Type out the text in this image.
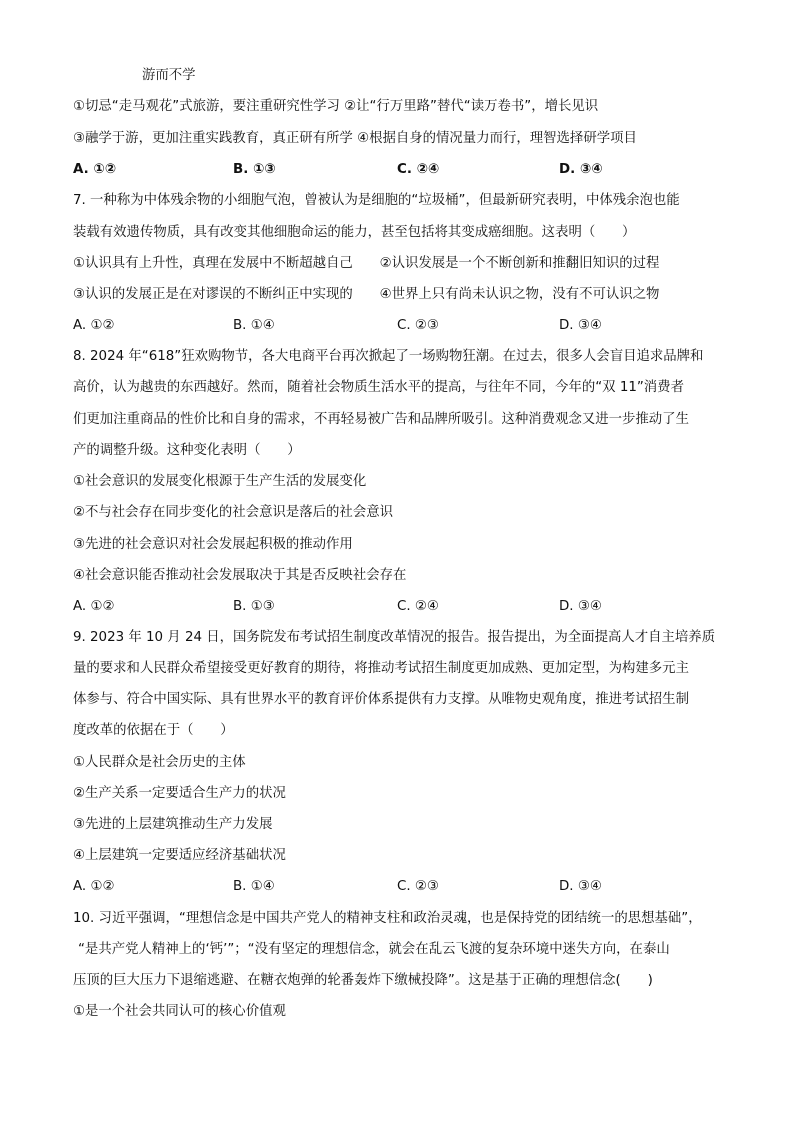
游而不学
①切忌“走马观花”式旅游，要注重研究性学习 ②让“行万里路”替代“读万卷书”，增长见识
③融学于游，更加注重实践教育，真正研有所学 ④根据自身的情况量力而行，理智选择研学项目
A. ①②	B. ①③	C. ②④	D. ③④
7. 一种称为中体残余物的小细胞气泡，曾被认为是细胞的“垃圾桶”，但最新研究表明，中体残余泡也能
装载有效遗传物质，具有改变其他细胞命运的能力，甚至包括将其变成癌细胞。这表明（　　）
①认识具有上升性，真理在发展中不断超越自己　　②认识发展是一个不断创新和推翻旧知识的过程
③认识的发展正是在对谬误的不断纠正中实现的　　④世界上只有尚未认识之物，没有不可认识之物
A. ①②	B. ①④	C. ②③	D. ③④
8. 2024 年“618”狂欢购物节，各大电商平台再次掀起了一场购物狂潮。在过去，很多人会盲目追求品牌和
高价，认为越贵的东西越好。然而，随着社会物质生活水平的提高，与往年不同，今年的“双 11”消费者
们更加注重商品的性价比和自身的需求，不再轻易被广告和品牌所吸引。这种消费观念又进一步推动了生
产的调整升级。这种变化表明（　　）
①社会意识的发展变化根源于生产生活的发展变化
②不与社会存在同步变化的社会意识是落后的社会意识
③先进的社会意识对社会发展起积极的推动作用
④社会意识能否推动社会发展取决于其是否反映社会存在
A. ①②	B. ①③	C. ②④	D. ③④
9. 2023 年 10 月 24 日，国务院发布考试招生制度改革情况的报告。报告提出，为全面提高人才自主培养质
量的要求和人民群众希望接受更好教育的期待，将推动考试招生制度更加成熟、更加定型，为构建多元主
体参与、符合中国实际、具有世界水平的教育评价体系提供有力支撑。从唯物史观角度，推进考试招生制
度改革的依据在于（　　）
①人民群众是社会历史的主体
②生产关系一定要适合生产力的状况
③先进的上层建筑推动生产力发展
④上层建筑一定要适应经济基础状况
A. ①②	B. ①④	C. ②③	D. ③④
10. 习近平强调，“理想信念是中国共产党人的精神支柱和政治灵魂，也是保持党的团结统一的思想基础”，
“是共产党人精神上的‘钙’”；“没有坚定的理想信念，就会在乱云飞渡的复杂环境中迷失方向，在泰山
压顶的巨大压力下退缩逃避、在糖衣炮弹的轮番轰炸下缴械投降”。这是基于正确的理想信念(　　)
①是一个社会共同认可的核心价值观
